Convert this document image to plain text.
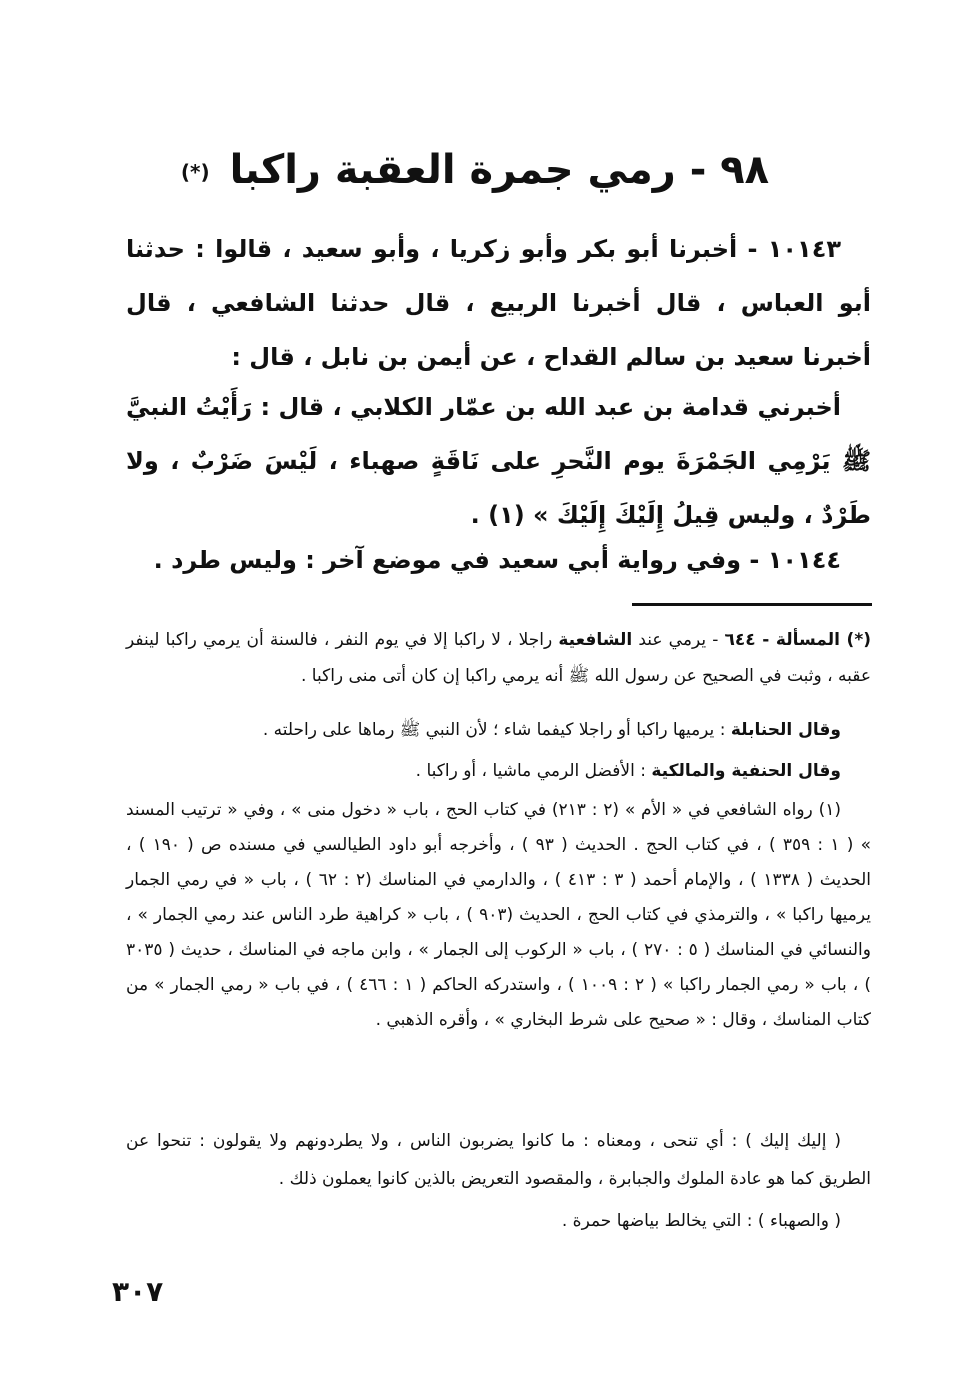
٩٨ - رمي جمرة العقبة راكبا (*)
١٠١٤٣ - أخبرنا أبو بكر وأبو زكريا ، وأبو سعيد ، قالوا : حدثنا أبو العباس ، قال أخبرنا الربيع ، قال حدثنا الشافعي ، قال أخبرنا سعيد بن سالم القداح ، عن أيمن بن نابل ، قال :
أخبرني قدامة بن عبد الله بن عمّار الكلابي ، قال : رَأَيْتُ النبيَّ ﷺ يَرْمِي الجَمْرَةَ يوم النَّحرِ على نَاقَةٍ صهباء ، لَيْسَ ضَرْبٌ ، ولا طَرْدٌ ، وليس قِيلُ إِلَيْكَ إِلَيْكَ » (١) .
١٠١٤٤ - وفي رواية أبي سعيد في موضع آخر : وليس طرد .
(*) المسألة - ٦٤٤ - يرمي عند الشافعية راجلا ، لا راكبا إلا في يوم النفر ، فالسنة أن يرمي راكبا لينفر عقبه ، وثبت في الصحيح عن رسول الله ﷺ أنه يرمي راكبا إن كان أتى منى راكبا .
وقال الحنابلة : يرميها راكبا أو راجلا كيفما شاء ؛ لأن النبي ﷺ رماها على راحلته .
وقال الحنفية والمالكية : الأفضل الرمي ماشيا ، أو راكبا .
(١) رواه الشافعي في « الأم » (٢ : ٢١٣) في كتاب الحج ، باب « دخول منى » ، وفي « ترتيب المسند » ( ١ : ٣٥٩ ) ، في كتاب الحج . الحديث ( ٩٣ ) ، وأخرجه أبو داود الطيالسي في مسنده ص ( ١٩٠ ) ، الحديث ( ١٣٣٨ ) ، والإمام أحمد ( ٣ : ٤١٣ ) ، والدارمي في المناسك (٢ : ٦٢ ) ، باب « في رمي الجمار يرميها راكبا » ، والترمذي في كتاب الحج ، الحديث (٩٠٣ ) ، باب « كراهية طرد الناس عند رمي الجمار » ، والنسائي في المناسك ( ٥ : ٢٧٠ ) ، باب « الركوب إلى الجمار » ، وابن ماجه في المناسك ، حديث ( ٣٠٣٥ ) ، باب « رمي الجمار راكبا » ( ٢ : ١٠٠٩ ) ، واستدركه الحاكم ( ١ : ٤٦٦ ) ، في باب « رمي الجمار » من كتاب المناسك ، وقال : « صحيح على شرط البخاري » ، وأقره الذهبي .
( إليك إليك ) : أي تنحى ، ومعناه : ما كانوا يضربون الناس ، ولا يطردونهم ولا يقولون : تنحوا عن الطريق كما هو عادة الملوك والجبابرة ، والمقصود التعريض بالذين كانوا يعملون ذلك .
( والصهباء ) : التي يخالط بياضها حمرة .
٣٠٧
